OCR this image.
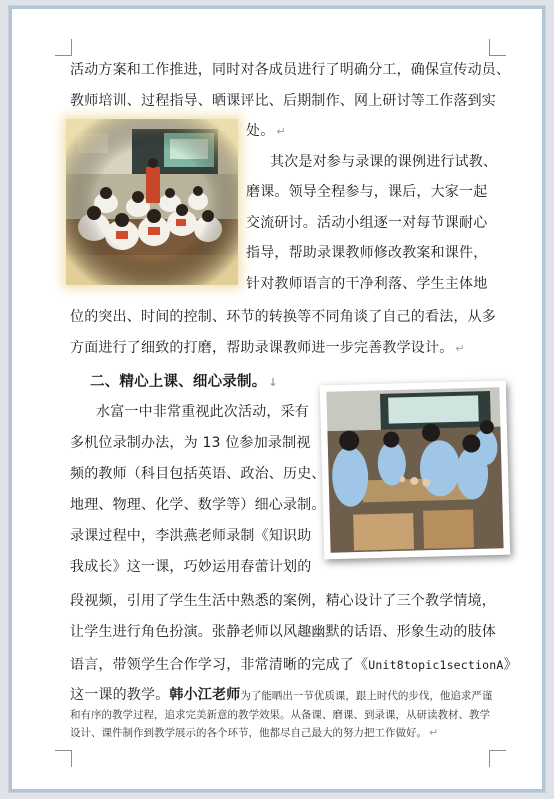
活动方案和工作推进，同时对各成员进行了明确分工，确保宣传动员、
教师培训、过程指导、晒课评比、后期制作、网上研讨等工作落到实
处。 ↵
其次是对参与录课的课例进行试教、
磨课。领导全程参与，课后，大家一起
交流研讨。活动小组逐一对每节课耐心
指导，帮助录课教师修改教案和课件，
针对教师语言的干净利落、学生主体地
位的突出、时间的控制、环节的转换等不同角谈了自己的看法，从多
方面进行了细致的打磨，帮助录课教师进一步完善教学设计。 ↵
二、精心上课、细心录制。 ↓
水富一中非常重视此次活动，采有
多机位录制办法，为 13 位参加录制视
频的教师（科目包括英语、政治、历史、
地理、物理、化学、数学等）细心录制。
录课过程中，李洪燕老师录制《知识助
我成长》这一课，巧妙运用春蕾计划的
段视频，引用了学生生活中熟悉的案例，精心设计了三个教学情境，
让学生进行角色扮演。张静老师以风趣幽默的话语、形象生动的肢体
语言，带领学生合作学习，非常清晰的完成了《Unit8topic1sectionA》
这一课的教学。韩小江老师为了能晒出一节优质课，跟上时代的步伐，他追求严谨
和有序的教学过程，追求完美新意的教学效果。从备课、磨课、到录课，从研读教材、教学
设计、课件制作到教学展示的各个环节，他都尽自己最大的努力把工作做好。 ↵
